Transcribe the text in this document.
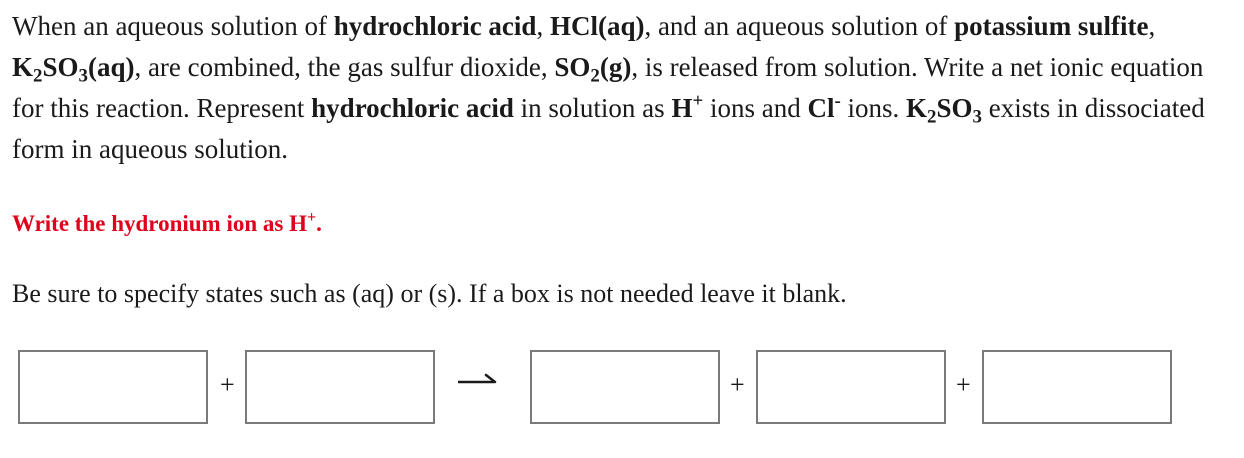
When an aqueous solution of hydrochloric acid, HCl(aq), and an aqueous solution of potassium sulfite, $K_2SO_3(aq)$, are combined, the gas sulfur dioxide, $SO_2(g)$, is released from solution. Write a net ionic equation for this reaction. Represent hydrochloric acid in solution as H+ ions and Cl- ions. $K_2SO_3$ exists in dissociated form in aqueous solution.
Write the hydronium ion as H+.
Be sure to specify states such as (aq) or (s). If a box is not needed leave it blank.
+	+	+
